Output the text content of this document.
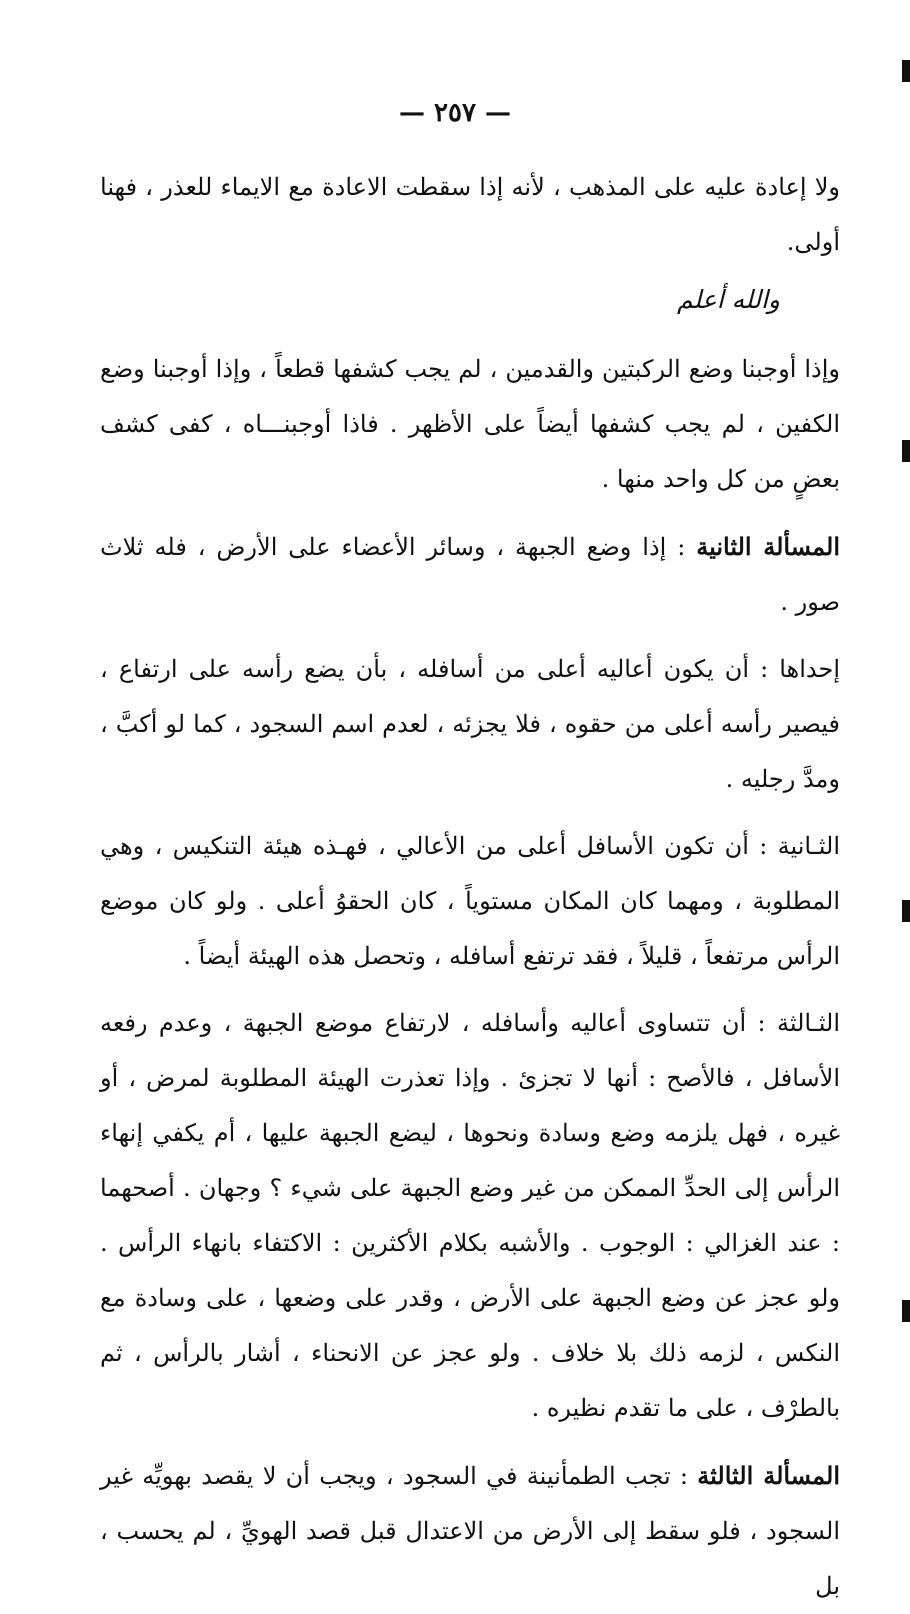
— ٢٥٧ —

ولا إعادة عليه على المذهب ، لأنه إذا سقطت الاعادة مع الايماء للعذر ، فهنا أولى.

والله أعلم

وإذا أوجبنا وضع الركبتين والقدمين ، لم يجب كشفها قطعاً ، وإذا أوجبنا وضع الكفين ، لم يجب كشفها أيضاً على الأظهر . فاذا أوجبنـــاه ، كفى كشف بعضٍ من كل واحد منها .

المسألة الثانية : إذا وضع الجبهة ، وسائر الأعضاء على الأرض ، فله ثلاث صور .

إحداها : أن يكون أعاليه أعلى من أسافله ، بأن يضع رأسه على ارتفاع ، فيصير رأسه أعلى من حقوه ، فلا يجزئه ، لعدم اسم السجود ، كما لو أكبَّ ، ومدَّ رجليه .

الثـانية : أن تكون الأسافل أعلى من الأعالي ، فهـذه هيئة التنكيس ، وهي المطلوبة ، ومهما كان المكان مستوياً ، كان الحقوُ أعلى . ولو كان موضع الرأس مرتفعاً ، قليلاً ، فقد ترتفع أسافله ، وتحصل هذه الهيئة أيضاً .

الثـالثة : أن تتساوى أعاليه وأسافله ، لارتفاع موضع الجبهة ، وعدم رفعه الأسافل ، فالأصح : أنها لا تجزئ . وإذا تعذرت الهيئة المطلوبة لمرض ، أو غيره ، فهل يلزمه وضع وسادة ونحوها ، ليضع الجبهة عليها ، أم يكفي إنهاء الرأس إلى الحدِّ الممكن من غير وضع الجبهة على شيء ؟ وجهان . أصحهما : عند الغزالي : الوجوب . والأشبه بكلام الأكثرين : الاكتفاء بانهاء الرأس . ولو عجز عن وضع الجبهة على الأرض ، وقدر على وضعها ، على وسادة مع النكس ، لزمه ذلك بلا خلاف . ولو عجز عن الانحناء ، أشار بالرأس ، ثم بالطرْف ، على ما تقدم نظيره .

المسألة الثالثة : تجب الطمأنينة في السجود ، ويجب أن لا يقصد بهويِّه غير السجود ، فلو سقط إلى الأرض من الاعتدال قبل قصد الهويِّ ، لم يحسب ، بل
